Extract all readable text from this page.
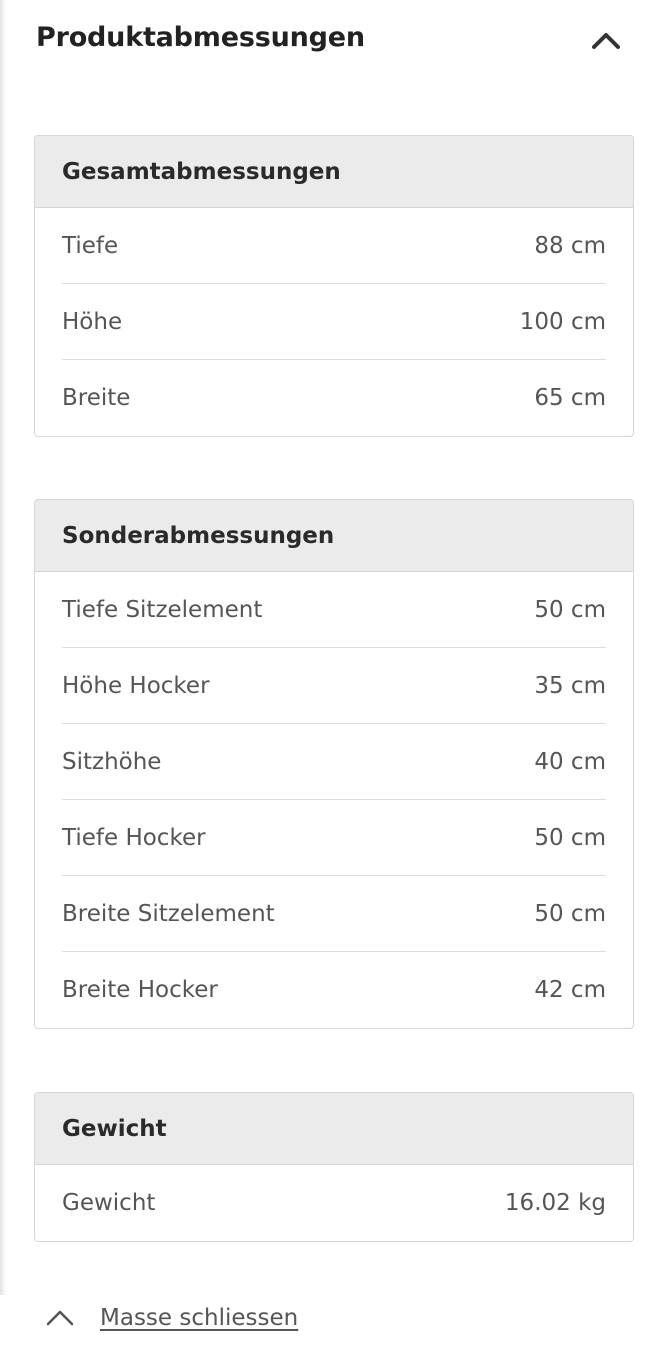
Produktabmessungen
Gesamtabmessungen
Tiefe	88 cm
Höhe	100 cm
Breite	65 cm
Sonderabmessungen
Tiefe Sitzelement	50 cm
Höhe Hocker	35 cm
Sitzhöhe	40 cm
Tiefe Hocker	50 cm
Breite Sitzelement	50 cm
Breite Hocker	42 cm
Gewicht
Gewicht	16.02 kg
Masse schliessen
